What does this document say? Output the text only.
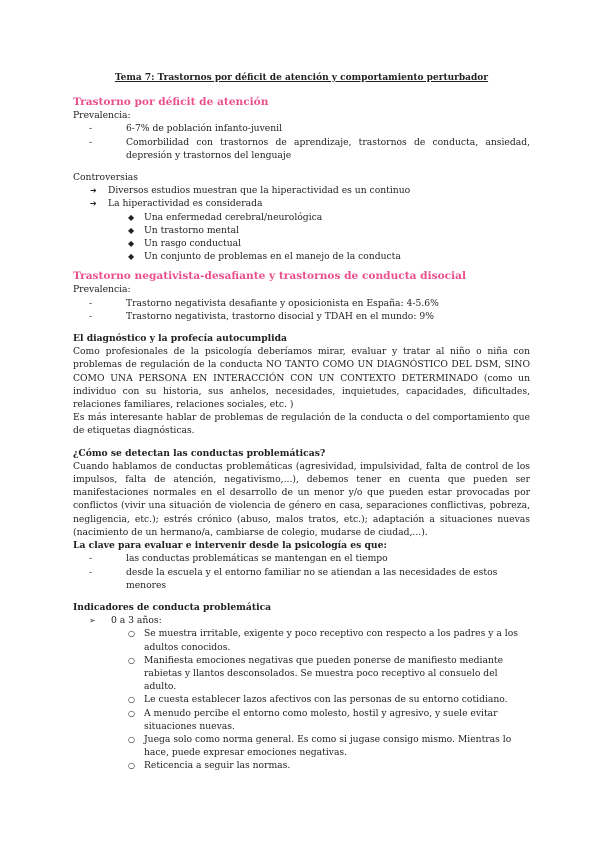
Tema 7: Trastornos por déficit de atención y comportamiento perturbador

Trastorno por déficit de atención

Prevalencia:

-	6-7% de población infanto-juvenil
-	Comorbilidad con trastornos de aprendizaje, trastornos de conducta, ansiedad, depresión y trastornos del lenguaje

Controversias

➔ Diversos estudios muestran que la hiperactividad es un continuo
➔ La hiperactividad es considerada
◆ Una enfermedad cerebral/neurológica
◆ Un trastorno mental
◆ Un rasgo conductual
◆ Un conjunto de problemas en el manejo de la conducta

Trastorno negativista-desafiante y trastornos de conducta disocial

Prevalencia:

-	Trastorno negativista desafiante y oposicionista en España: 4-5.6%
-	Trastorno negativista, trastorno disocial y TDAH en el mundo: 9%

El diagnóstico y la profecía autocumplida

Como profesionales de la psicología deberíamos mirar, evaluar y tratar al niño o niña con problemas de regulación de la conducta NO TANTO COMO UN DIAGNÓSTICO DEL DSM, SINO COMO UNA PERSONA EN INTERACCIÓN CON UN CONTEXTO DETERMINADO (como un individuo con su historia, sus anhelos, necesidades, inquietudes, capacidades, dificultades, relaciones familiares, relaciones sociales, etc. )

Es más interesante hablar de problemas de regulación de la conducta o del comportamiento que de etiquetas diagnósticas.

¿Cómo se detectan las conductas problemáticas?

Cuando hablamos de conductas problemáticas (agresividad, impulsividad, falta de control de los impulsos, falta de atención, negativismo,...), debemos tener en cuenta que pueden ser manifestaciones normales en el desarrollo de un menor y/o que pueden estar provocadas por conflictos (vivir una situación de violencia de género en casa, separaciones conflictivas, pobreza, negligencia, etc.); estrés crónico (abuso, malos tratos, etc.); adaptación a situaciones nuevas (nacimiento de un hermano/a, cambiarse de colegio, mudarse de ciudad,...).

La clave para evaluar e intervenir desde la psicología es que:

-	las conductas problemáticas se mantengan en el tiempo
-	desde la escuela y el entorno familiar no se atiendan a las necesidades de estos menores

Indicadores de conducta problemática

➢ 0 a 3 años:
○ Se muestra irritable, exigente y poco receptivo con respecto a los padres y a los adultos conocidos.
○ Manifiesta emociones negativas que pueden ponerse de manifiesto mediante rabietas y llantos desconsolados. Se muestra poco receptivo al consuelo del adulto.
○ Le cuesta establecer lazos afectivos con las personas de su entorno cotidiano.
○ A menudo percibe el entorno como molesto, hostil y agresivo, y suele evitar situaciones nuevas.
○ Juega solo como norma general. Es como si jugase consigo mismo. Mientras lo hace, puede expresar emociones negativas.
○ Reticencia a seguir las normas.
